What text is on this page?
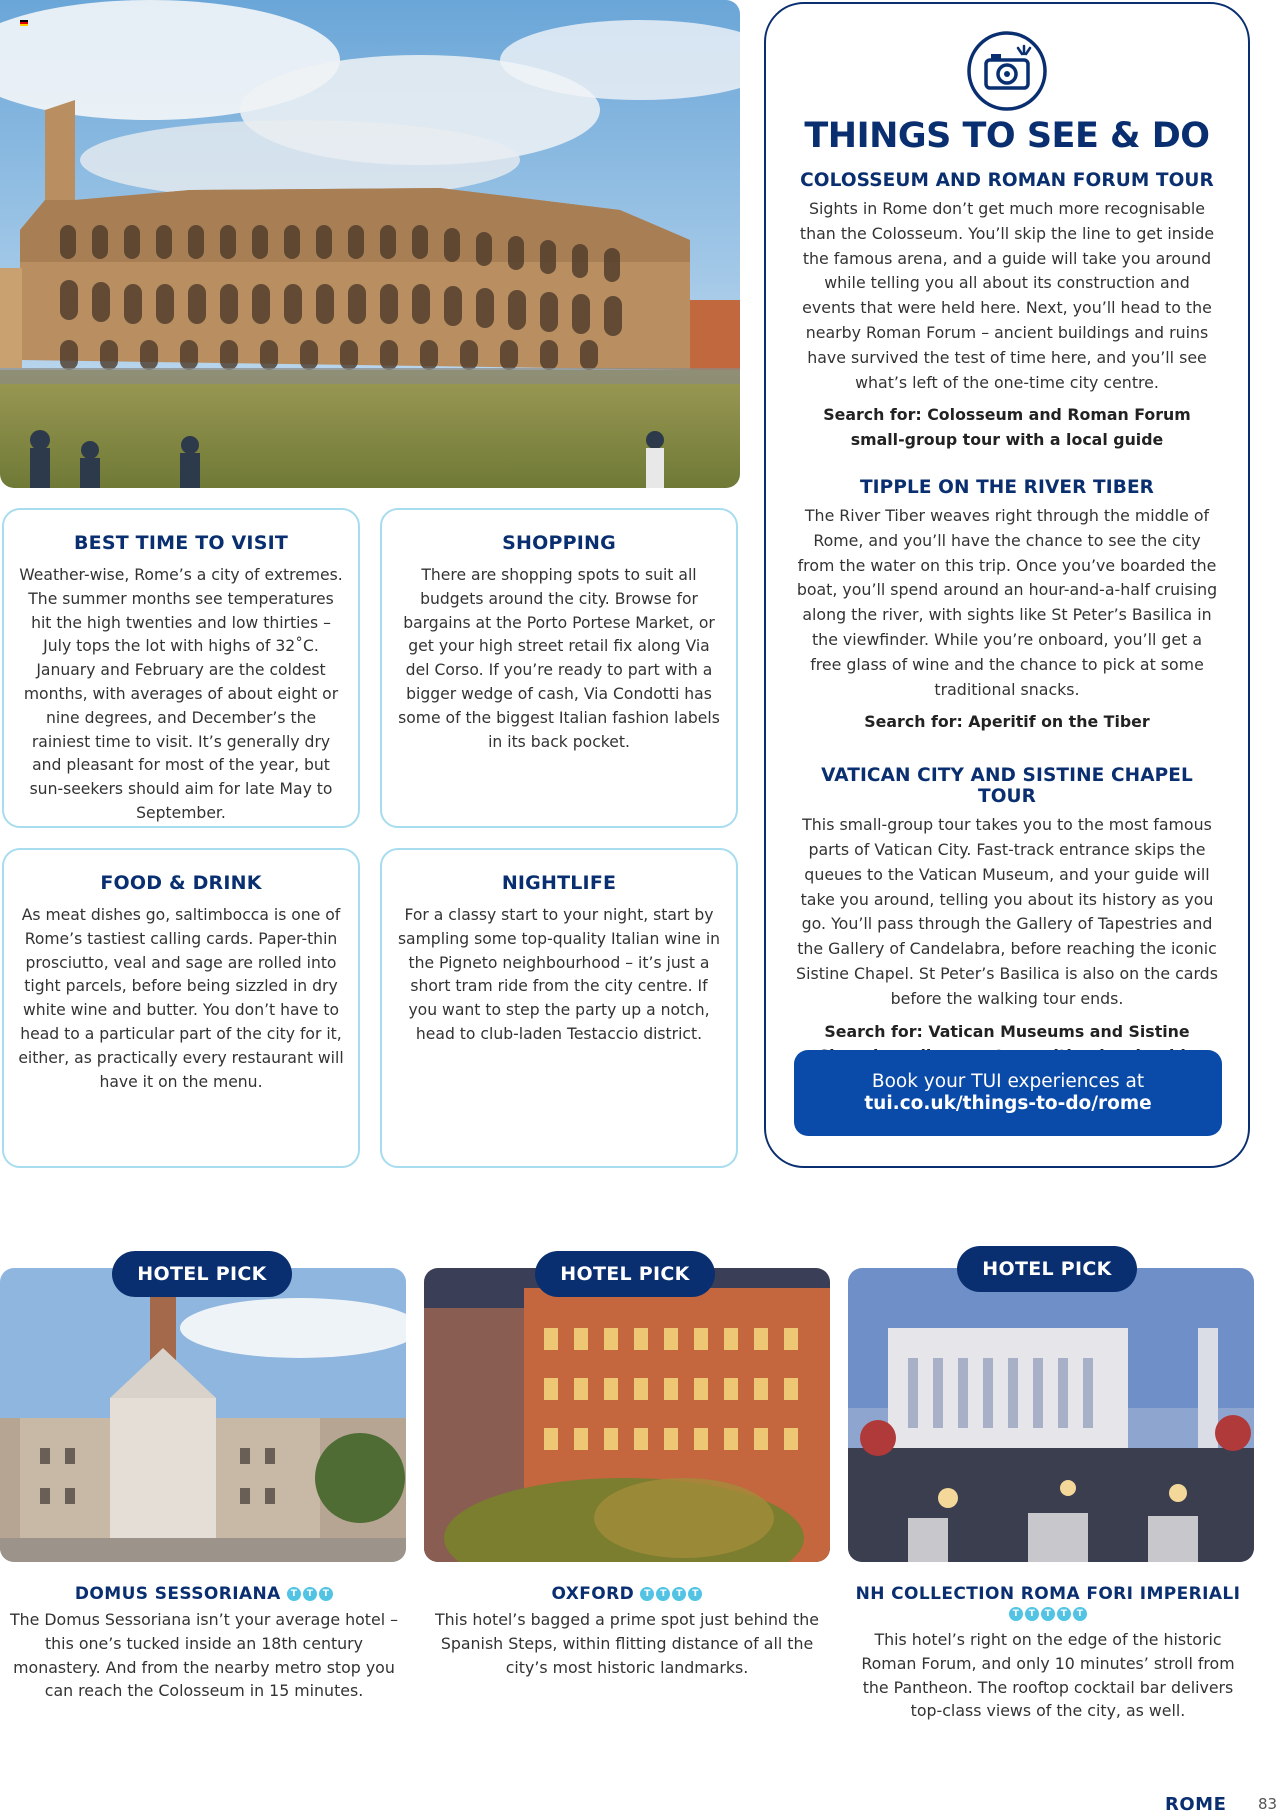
BEST TIME TO VISIT

Weather-wise, Rome’s a city of extremes. The summer months see temperatures hit the high twenties and low thirties – July tops the lot with highs of 32˚C. January and February are the coldest months, with averages of about eight or nine degrees, and December’s the rainiest time to visit. It’s generally dry and pleasant for most of the year, but sun-seekers should aim for late May to September.

SHOPPING

There are shopping spots to suit all budgets around the city. Browse for bargains at the Porto Portese Market, or get your high street retail fix along Via del Corso. If you’re ready to part with a bigger wedge of cash, Via Condotti has some of the biggest Italian fashion labels in its back pocket.

FOOD & DRINK

As meat dishes go, saltimbocca is one of Rome’s tastiest calling cards. Paper-thin prosciutto, veal and sage are rolled into tight parcels, before being sizzled in dry white wine and butter. You don’t have to head to a particular part of the city for it, either, as practically every restaurant will have it on the menu.

NIGHTLIFE

For a classy start to your night, start by sampling some top-quality Italian wine in the Pigneto neighbourhood – it’s just a short tram ride from the city centre. If you want to step the party up a notch, head to club-laden Testaccio district.

THINGS TO SEE & DO
COLOSSEUM AND ROMAN FORUM TOUR

Sights in Rome don’t get much more recognisable than the Colosseum. You’ll skip the line to get inside the famous arena, and a guide will take you around while telling you all about its construction and events that were held here. Next, you’ll head to the nearby Roman Forum – ancient buildings and ruins have survived the test of time here, and you’ll see what’s left of the one-time city centre.

Search for: Colosseum and Roman Forum small-group tour with a local guide

TIPPLE ON THE RIVER TIBER

The River Tiber weaves right through the middle of Rome, and you’ll have the chance to see the city from the water on this trip. Once you’ve boarded the boat, you’ll spend around an hour-and-a-half cruising along the river, with sights like St Peter’s Basilica in the viewfinder. While you’re onboard, you’ll get a free glass of wine and the chance to pick at some traditional snacks.

Search for: Aperitif on the Tiber

VATICAN CITY AND SISTINE CHAPEL TOUR

This small-group tour takes you to the most famous parts of Vatican City. Fast-track entrance skips the queues to the Vatican Museum, and your guide will take you around, telling you about its history as you go. You’ll pass through the Gallery of Tapestries and the Gallery of Candelabra, before reaching the iconic Sistine Chapel. St Peter’s Basilica is also on the cards before the walking tour ends.

Search for: Vatican Museums and Sistine

Book your TUI experiences at
tui.co.uk/things-to-do/rome
HOTEL PICK	HOTEL PICK	HOTEL PICK
DOMUS SESSORIANA	T	T	T

The Domus Sessoriana isn’t your average hotel – this one’s tucked inside an 18th century monastery. And from the nearby metro stop you can reach the Colosseum in 15 minutes.

OXFORD	T	T	T	T

This hotel’s bagged a prime spot just behind the Spanish Steps, within flitting distance of all the city’s most historic landmarks.

NH COLLECTION ROMA FORI IMPERIALI

T	T	T	T	T

This hotel’s right on the edge of the historic Roman Forum, and only 10 minutes’ stroll from the Pantheon. The rooftop cocktail bar delivers top-class views of the city, as well.

ROME 83
